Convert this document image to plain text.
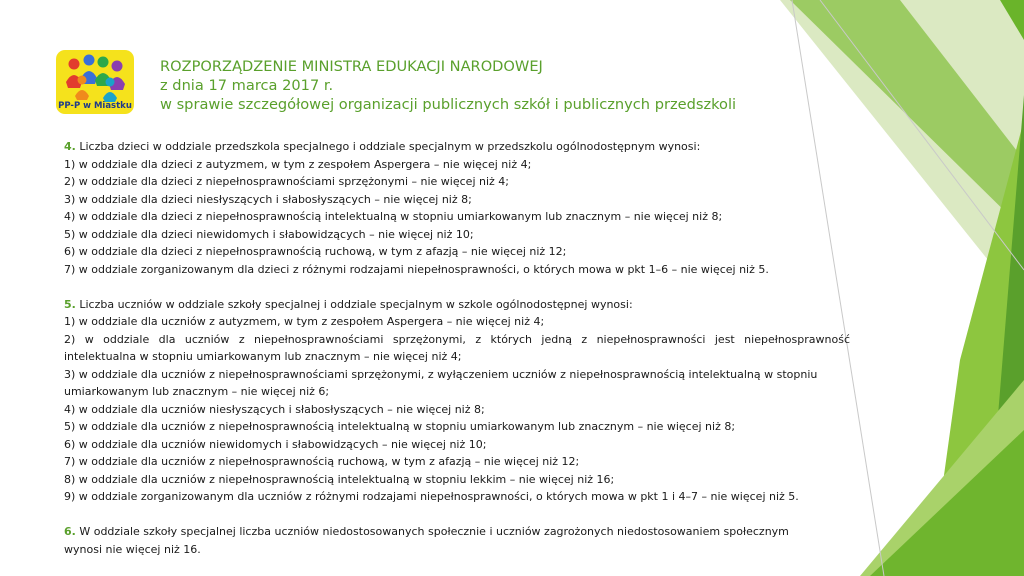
PP-P w Miastku
ROZPORZĄDZENIE MINISTRA EDUKACJI NARODOWEJ
z dnia 17 marca 2017 r.
w sprawie szczegółowej organizacji publicznych szkół i publicznych przedszkoli
4. Liczba dzieci w oddziale przedszkola specjalnego i oddziale specjalnym w przedszkolu ogólnodostępnym wynosi:
1) w oddziale dla dzieci z autyzmem, w tym z zespołem Aspergera – nie więcej niż 4;
2) w oddziale dla dzieci z niepełnosprawnościami sprzężonymi – nie więcej niż 4;
3) w oddziale dla dzieci niesłyszących i słabosłyszących – nie więcej niż 8;
4) w oddziale dla dzieci z niepełnosprawnością intelektualną w stopniu umiarkowanym lub znacznym – nie więcej niż 8;
5) w oddziale dla dzieci niewidomych i słabowidzących – nie więcej niż 10;
6) w oddziale dla dzieci z niepełnosprawnością ruchową, w tym z afazją – nie więcej niż 12;
7) w oddziale zorganizowanym dla dzieci z różnymi rodzajami niepełnosprawności, o których mowa w pkt 1–6 – nie więcej niż 5.
5. Liczba uczniów w oddziale szkoły specjalnej i oddziale specjalnym w szkole ogólnodostępnej wynosi:
1) w oddziale dla uczniów z autyzmem, w tym z zespołem Aspergera – nie więcej niż 4;
2) w oddziale dla uczniów z niepełnosprawnościami sprzężonymi, z których jedną z niepełnosprawności jest niepełnosprawność
intelektualna w stopniu umiarkowanym lub znacznym – nie więcej niż 4;
3) w oddziale dla uczniów z niepełnosprawnościami sprzężonymi, z wyłączeniem uczniów z niepełnosprawnością intelektualną w stopniu umiarkowanym lub znacznym – nie więcej niż 6;
4) w oddziale dla uczniów niesłyszących i słabosłyszących – nie więcej niż 8;
5) w oddziale dla uczniów z niepełnosprawnością intelektualną w stopniu umiarkowanym lub znacznym – nie więcej niż 8;
6) w oddziale dla uczniów niewidomych i słabowidzących – nie więcej niż 10;
7) w oddziale dla uczniów z niepełnosprawnością ruchową, w tym z afazją – nie więcej niż 12;
8) w oddziale dla uczniów z niepełnosprawnością intelektualną w stopniu lekkim – nie więcej niż 16;
9) w oddziale zorganizowanym dla uczniów z różnymi rodzajami niepełnosprawności, o których mowa w pkt 1 i 4–7 – nie więcej niż 5.
6. W oddziale szkoły specjalnej liczba uczniów niedostosowanych społecznie i uczniów zagrożonych niedostosowaniem społecznym
wynosi nie więcej niż 16.
